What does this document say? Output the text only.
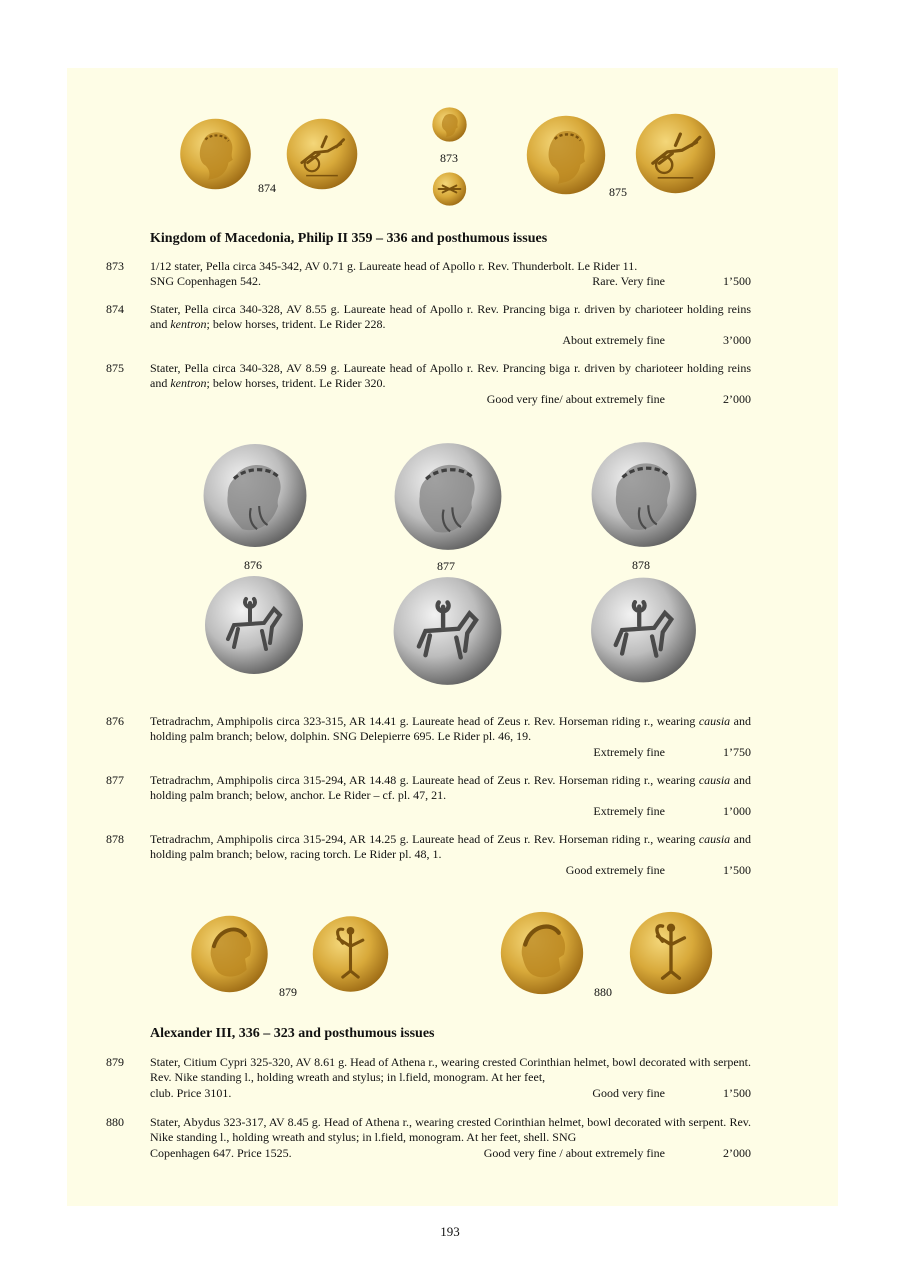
874
873
875
Kingdom of Macedonia, Philip II 359 – 336 and posthumous issues
873 1/12 stater, Pella circa 345-342, AV 0.71 g. Laureate head of Apollo r. Rev. Thunderbolt. Le Rider 11.
SNG Copenhagen 542.	Rare. Very fine	1’500
874 Stater, Pella circa 340-328, AV 8.55 g. Laureate head of Apollo r. Rev. Prancing biga r. driven by charioteer holding reins and kentron; below horses, trident. Le Rider 228.
About extremely fine	3’000
875 Stater, Pella circa 340-328, AV 8.59 g. Laureate head of Apollo r. Rev. Prancing biga r. driven by charioteer holding reins and kentron; below horses, trident. Le Rider 320.
Good very fine/ about extremely fine	2’000
876	877	878
876 Tetradrachm, Amphipolis circa 323-315, AR 14.41 g. Laureate head of Zeus r. Rev. Horseman riding r., wearing causia and holding palm branch; below, dolphin. SNG Delepierre 695. Le Rider pl. 46, 19.
Extremely fine	1’750
877 Tetradrachm, Amphipolis circa 315-294, AR 14.48 g. Laureate head of Zeus r. Rev. Horseman riding r., wearing causia and holding palm branch; below, anchor. Le Rider – cf. pl. 47, 21.
Extremely fine	1’000
878 Tetradrachm, Amphipolis circa 315-294, AR 14.25 g. Laureate head of Zeus r. Rev. Horseman riding r., wearing causia and holding palm branch; below, racing torch. Le Rider pl. 48, 1.
Good extremely fine	1’500
879	880
Alexander III, 336 – 323 and posthumous issues
879 Stater, Citium Cypri 325-320, AV 8.61 g. Head of Athena r., wearing crested Corinthian helmet, bowl decorated with serpent. Rev. Nike standing l., holding wreath and stylus; in l.field, monogram. At her feet,
club. Price 3101.	Good very fine	1’500
880 Stater, Abydus 323-317, AV 8.45 g. Head of Athena r., wearing crested Corinthian helmet, bowl decorated with serpent. Rev. Nike standing l., holding wreath and stylus; in l.field, monogram. At her feet, shell. SNG
Copenhagen 647. Price 1525.	Good very fine / about extremely fine	2’000
193
